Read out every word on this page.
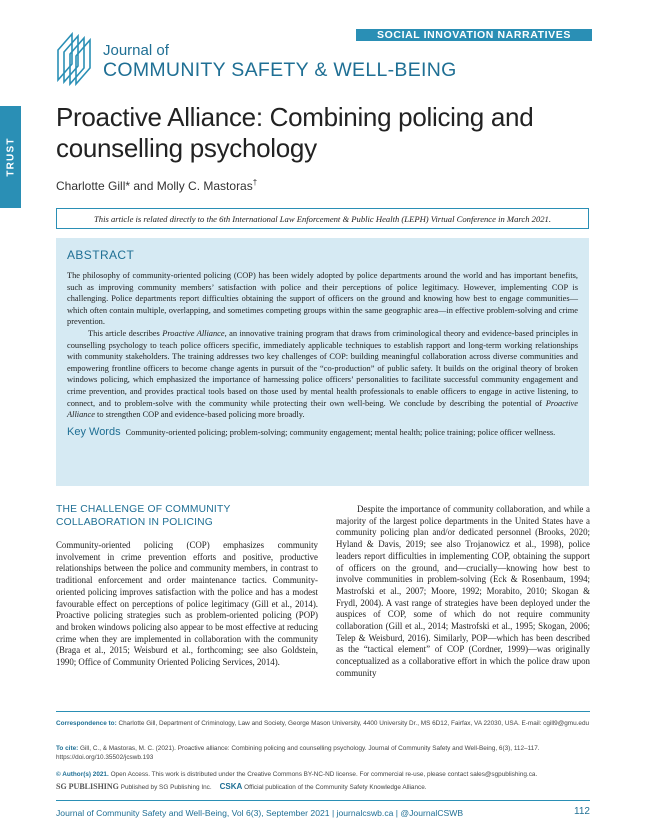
SOCIAL INNOVATION NARRATIVES
Journal of
COMMUNITY SAFETY & WELL-BEING
TRUST
Proactive Alliance: Combining policing and counselling psychology
Charlotte Gill* and Molly C. Mastoras†
This article is related directly to the 6th International Law Enforcement & Public Health (LEPH) Virtual Conference in March 2021.
ABSTRACT

The philosophy of community-oriented policing (COP) has been widely adopted by police departments around the world and has important benefits, such as improving community members’ satisfaction with police and their perceptions of police legitimacy. However, implementing COP is challenging. Police departments report difficulties obtaining the support of officers on the ground and knowing how best to engage communities—which often contain multiple, overlapping, and sometimes competing groups within the same geographic area—in effective problem-solving and crime prevention.

This article describes Proactive Alliance, an innovative training program that draws from criminological theory and evidence-based principles in counselling psychology to teach police officers specific, immediately applicable techniques to establish rapport and long-term working relationships with community stakeholders. The training addresses two key challenges of COP: building meaningful collaboration across diverse communities and empowering frontline officers to become change agents in pursuit of the “co-production” of public safety. It builds on the original theory of broken windows policing, which emphasized the importance of harnessing police officers’ personalities to facilitate successful community engagement and crime prevention, and provides practical tools based on those used by mental health professionals to enable officers to engage in active listening, to connect, and to problem-solve with the community while protecting their own well-being. We conclude by describing the potential of Proactive Alliance to strengthen COP and evidence-based policing more broadly.

Key Words Community-oriented policing; problem-solving; community engagement; mental health; police training; police officer wellness.
THE CHALLENGE OF COMMUNITY COLLABORATION IN POLICING

Community-oriented policing (COP) emphasizes community involvement in crime prevention efforts and positive, productive relationships between the police and community members, in contrast to traditional enforcement and order maintenance tactics. Community-oriented policing improves satisfaction with the police and has a modest favourable effect on perceptions of police legitimacy (Gill et al., 2014). Proactive policing strategies such as problem-oriented policing (POP) and broken windows policing also appear to be most effective at reducing crime when they are implemented in collaboration with the community (Braga et al., 2015; Weisburd et al., forthcoming; see also Goldstein, 1990; Office of Community Oriented Policing Services, 2014).

Despite the importance of community collaboration, and while a majority of the largest police departments in the United States have a community policing plan and/or dedicated personnel (Brooks, 2020; Hyland & Davis, 2019; see also Trojanowicz et al., 1998), police leaders report difficulties in implementing COP, obtaining the support of officers on the ground, and—crucially—knowing how best to involve communities in problem-solving (Eck & Rosenbaum, 1994; Mastrofski et al., 2007; Moore, 1992; Morabito, 2010; Skogan & Frydl, 2004). A vast range of strategies have been deployed under the auspices of COP, some of which do not require community collaboration (Gill et al., 2014; Mastrofski et al., 1995; Skogan, 2006; Telep & Weisburd, 2016). Similarly, POP—which has been described as the “tactical element” of COP (Cordner, 1999)—was originally conceptualized as a collaborative effort in which the police draw upon community

Correspondence to: Charlotte Gill, Department of Criminology, Law and Society, George Mason University, 4400 University Dr., MS 6D12, Fairfax, VA 22030, USA. E-mail: cgill9@gmu.edu
To cite: Gill, C., & Mastoras, M. C. (2021). Proactive alliance: Combining policing and counselling psychology. Journal of Community Safety and Well-Being, 6(3), 112–117. https://doi.org/10.35502/jcswb.193
© Author(s) 2021. Open Access. This work is distributed under the Creative Commons BY-NC-ND license. For commercial re-use, please contact sales@sgpublishing.ca.
SG PUBLISHING Published by SG Publishing Inc. CSKA Official publication of the Community Safety Knowledge Alliance.
Journal of Community Safety and Well-Being, Vol 6(3), September 2021 | journalcswb.ca | @JournalCSWB	112
